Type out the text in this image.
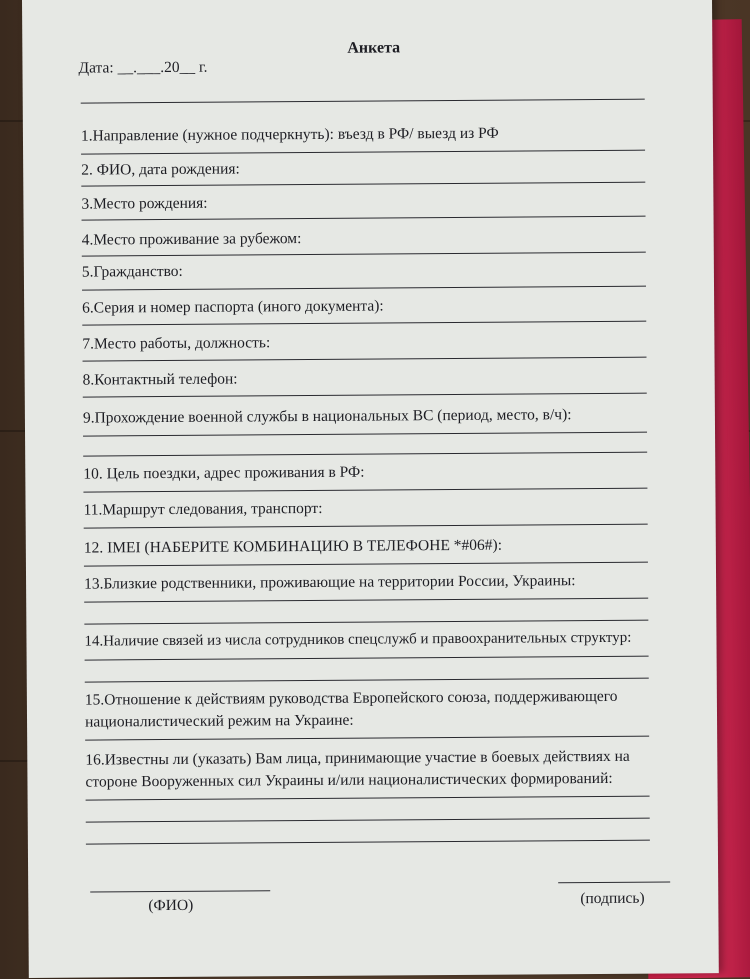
Анкета
Дата: __.___.20__ г.
1.Направление (нужное подчеркнуть): въезд в РФ/ выезд из РФ
2. ФИО, дата рождения:
3.Место рождения:
4.Место проживание за рубежом:
5.Гражданство:
6.Серия и номер паспорта (иного документа):
7.Место работы, должность:
8.Контактный телефон:
9.Прохождение военной службы в национальных ВС (период, место, в/ч):
10. Цель поездки, адрес проживания в РФ:
11.Маршрут следования, транспорт:
12. IMEI (НАБЕРИТЕ КОМБИНАЦИЮ В ТЕЛЕФОНЕ *#06#):
13.Близкие родственники, проживающие на территории России, Украины:
14.Наличие связей из числа сотрудников спецслужб и правоохранительных структур:
15.Отношение к действиям руководства Европейского союза, поддерживающего
националистический режим на Украине:
16.Известны ли (указать) Вам лица, принимающие участие в боевых действиях на
стороне Вооруженных сил Украины и/или националистических формирований:
(ФИО)	(подпись)
